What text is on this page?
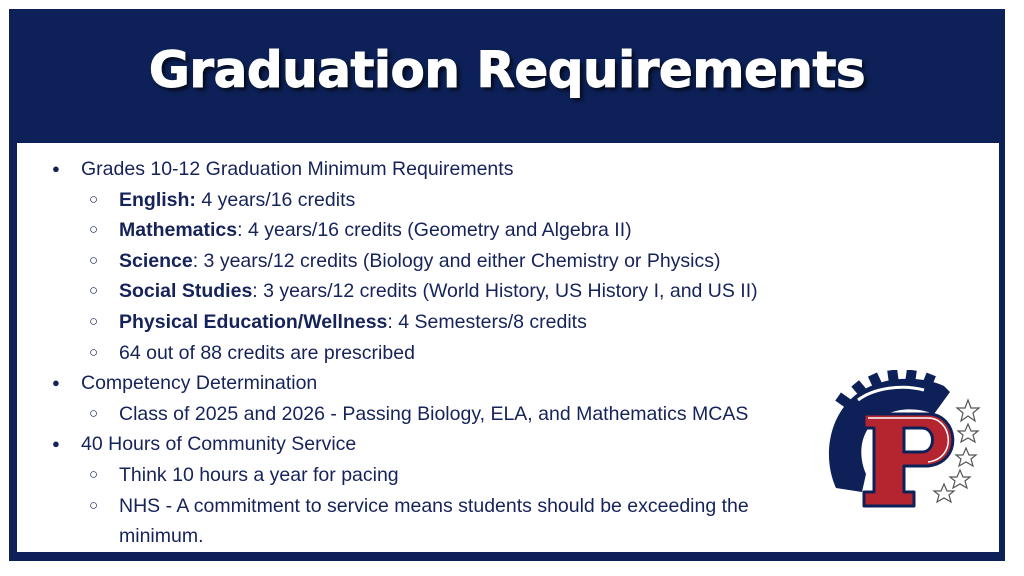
Graduation Requirements
● Grades 10-12 Graduation Minimum Requirements
○ English: 4 years/16 credits
○ Mathematics: 4 years/16 credits (Geometry and Algebra II)
○ Science: 3 years/12 credits (Biology and either Chemistry or Physics)
○ Social Studies: 3 years/12 credits (World History, US History I, and US II)
○ Physical Education/Wellness: 4 Semesters/8 credits
○ 64 out of 88 credits are prescribed
● Competency Determination
○ Class of 2025 and 2026 - Passing Biology, ELA, and Mathematics MCAS
● 40 Hours of Community Service
○ Think 10 hours a year for pacing
○ NHS - A commitment to service means students should be exceeding the
minimum.
